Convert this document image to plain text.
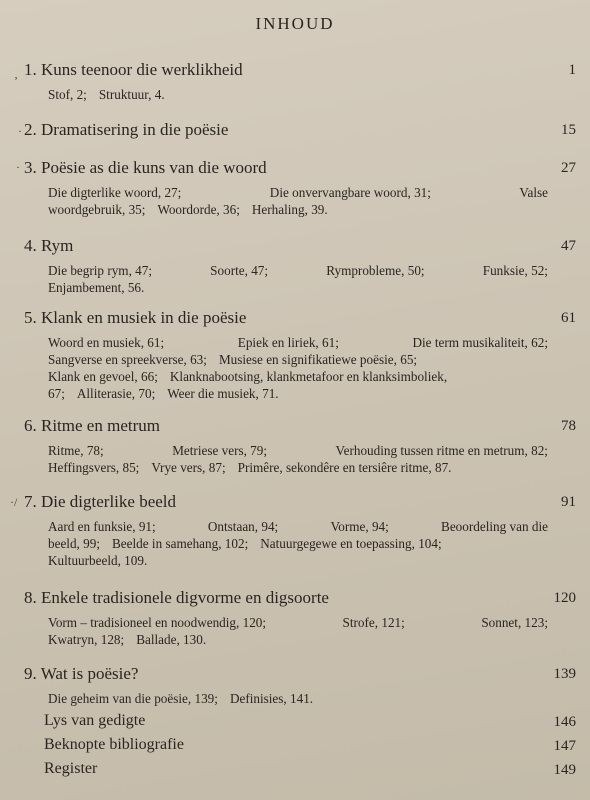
INHOUD
1. Kuns teenoor die werklikheid	1
Stof, 2; Struktuur, 4.
2. Dramatisering in die poësie	15
3. Poësie as die kuns van die woord	27
Die digterlike woord, 27;	Die onvervangbare woord, 31;	Valse
woordgebruik, 35; Woordorde, 36; Herhaling, 39.
4. Rym	47
Die begrip rym, 47;	Soorte, 47;	Rymprobleme, 50;	Funksie, 52;
Enjambement, 56.
5. Klank en musiek in die poësie	61
Woord en musiek, 61;	Epiek en liriek, 61;	Die term musikaliteit, 62;
Sangverse en spreekverse, 63; Musiese en signifikatiewe poësie, 65;
Klank en gevoel, 66; Klanknabootsing, klankmetafoor en klanksimboliek,
67; Alliterasie, 70; Weer die musiek, 71.
6. Ritme en metrum	78
Ritme, 78;	Metriese vers, 79;	Verhouding tussen ritme en metrum, 82;
Heffingsvers, 85; Vrye vers, 87; Primêre, sekondêre en tersiêre ritme, 87.
7. Die digterlike beeld	91
Aard en funksie, 91;	Ontstaan, 94;	Vorme, 94;	Beoordeling van die
beeld, 99; Beelde in samehang, 102; Natuurgegewe en toepassing, 104;
Kultuurbeeld, 109.
8. Enkele tradisionele digvorme en digsoorte	120
Vorm – tradisioneel en noodwendig, 120;	Strofe, 121;	Sonnet, 123;
Kwatryn, 128; Ballade, 130.
9. Wat is poësie?	139
Die geheim van die poësie, 139; Definisies, 141.
Lys van gedigte	146
Beknopte bibliografie	147
Register	149
‚
·
·
·/
